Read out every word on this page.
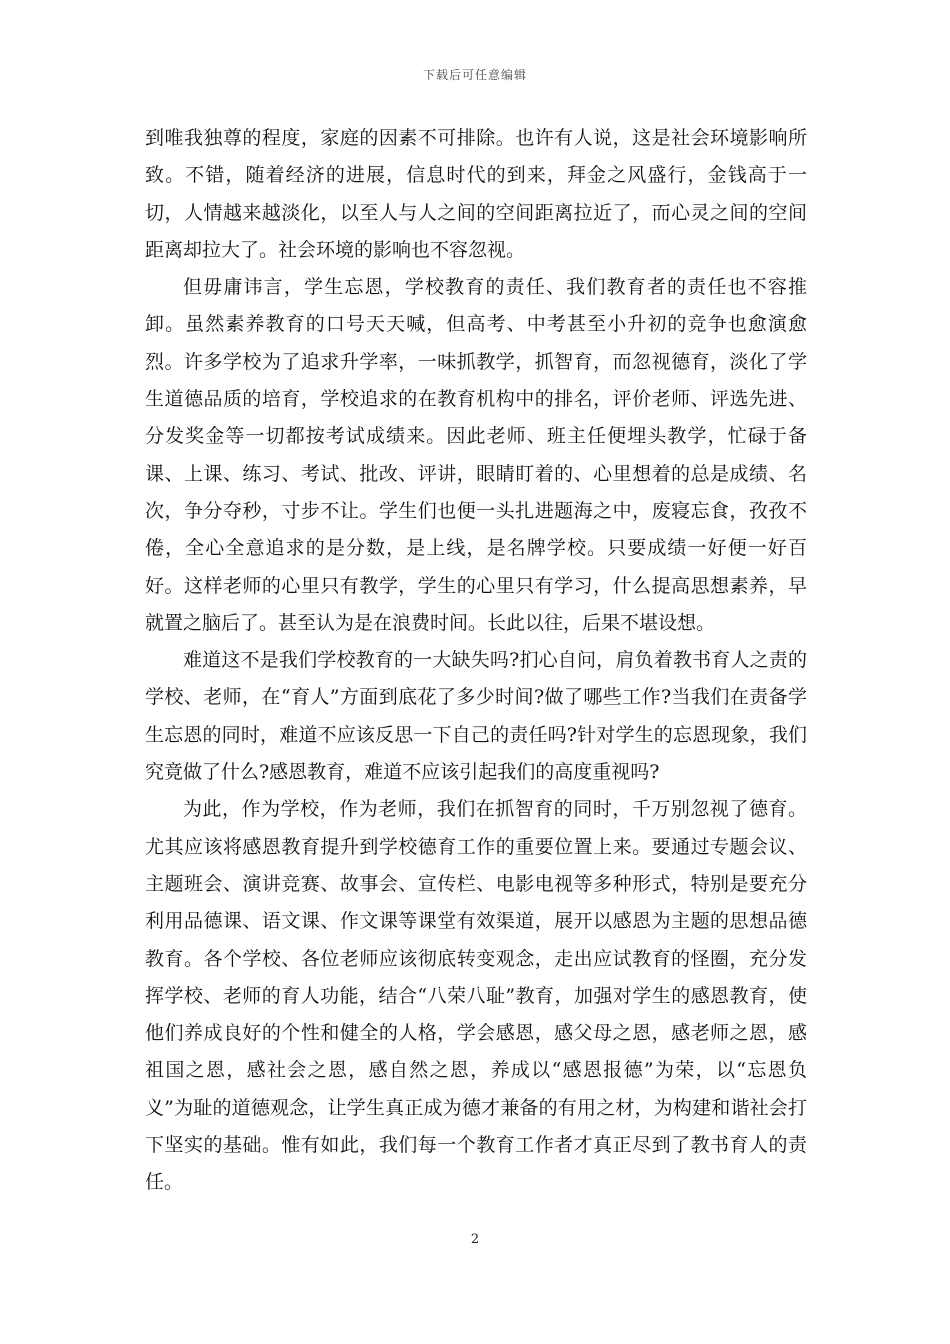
下载后可任意编辑

到唯我独尊的程度，家庭的因素不可排除。也许有人说，这是社会环境影响所致。不错，随着经济的进展，信息时代的到来，拜金之风盛行，金钱高于一切，人情越来越淡化，以至人与人之间的空间距离拉近了，而心灵之间的空间距离却拉大了。社会环境的影响也不容忽视。

但毋庸讳言，学生忘恩，学校教育的责任、我们教育者的责任也不容推卸。虽然素养教育的口号天天喊，但高考、中考甚至小升初的竞争也愈演愈烈。许多学校为了追求升学率，一味抓教学，抓智育，而忽视德育，淡化了学生道德品质的培育，学校追求的在教育机构中的排名，评价老师、评选先进、分发奖金等一切都按考试成绩来。因此老师、班主任便埋头教学，忙碌于备课、上课、练习、考试、批改、评讲，眼睛盯着的、心里想着的总是成绩、名次，争分夺秒，寸步不让。学生们也便一头扎进题海之中，废寝忘食，孜孜不倦，全心全意追求的是分数，是上线，是名牌学校。只要成绩一好便一好百好。这样老师的心里只有教学，学生的心里只有学习，什么提高思想素养，早就置之脑后了。甚至认为是在浪费时间。长此以往，后果不堪设想。

难道这不是我们学校教育的一大缺失吗?扪心自问，肩负着教书育人之责的学校、老师，在“育人”方面到底花了多少时间?做了哪些工作?当我们在责备学生忘恩的同时，难道不应该反思一下自己的责任吗?针对学生的忘恩现象，我们究竟做了什么?感恩教育，难道不应该引起我们的高度重视吗?

为此，作为学校，作为老师，我们在抓智育的同时，千万别忽视了德育。尤其应该将感恩教育提升到学校德育工作的重要位置上来。要通过专题会议、主题班会、演讲竞赛、故事会、宣传栏、电影电视等多种形式，特别是要充分利用品德课、语文课、作文课等课堂有效渠道，展开以感恩为主题的思想品德教育。各个学校、各位老师应该彻底转变观念，走出应试教育的怪圈，充分发挥学校、老师的育人功能，结合“八荣八耻”教育，加强对学生的感恩教育，使他们养成良好的个性和健全的人格，学会感恩，感父母之恩，感老师之恩，感祖国之恩，感社会之恩，感自然之恩，养成以“感恩报德”为荣，以“忘恩负义”为耻的道德观念，让学生真正成为德才兼备的有用之材，为构建和谐社会打下坚实的基础。惟有如此，我们每一个教育工作者才真正尽到了教书育人的责任。

2
